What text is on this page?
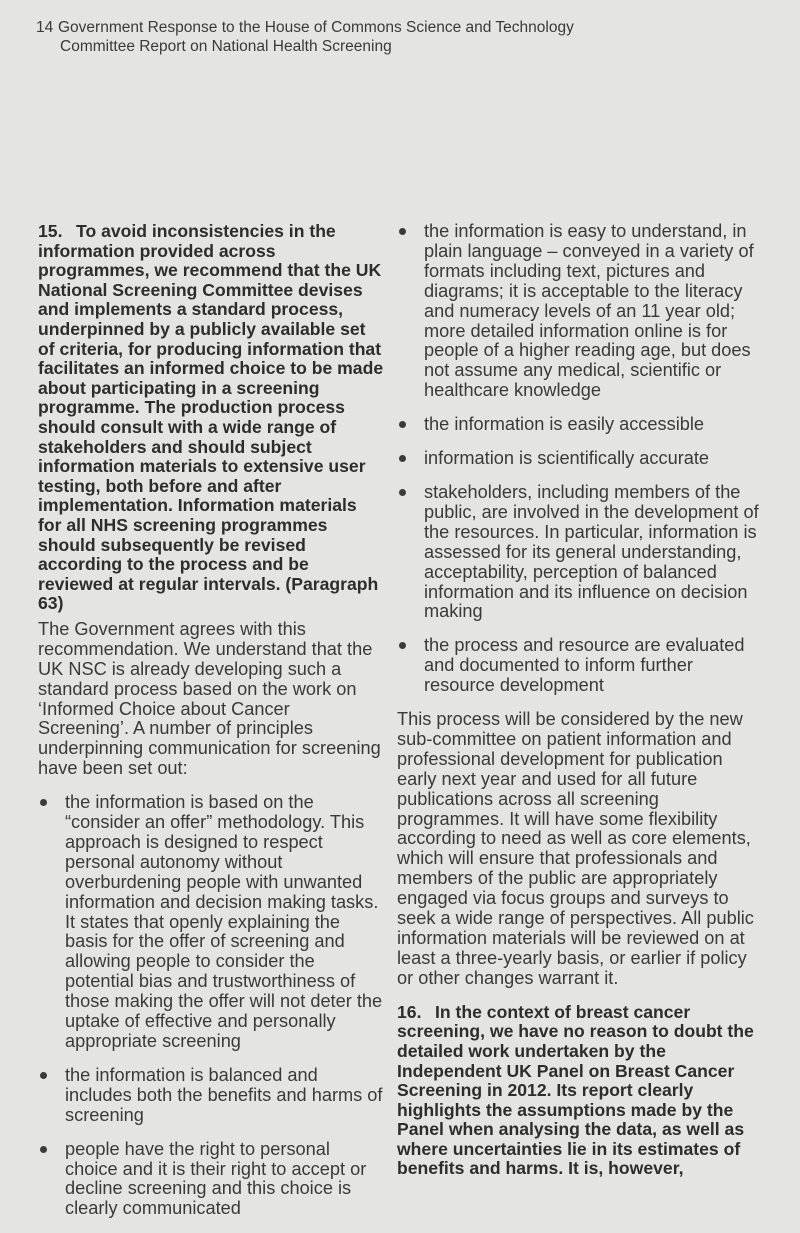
14 Government Response to the House of Commons Science and Technology
Committee Report on National Health Screening
15. To avoid inconsistencies in the information provided across programmes, we recommend that the UK National Screening Committee devises and implements a standard process, underpinned by a publicly available set of criteria, for producing information that facilitates an informed choice to be made about participating in a screening programme. The production process should consult with a wide range of stakeholders and should subject information materials to extensive user testing, both before and after implementation. Information materials for all NHS screening programmes should subsequently be revised according to the process and be reviewed at regular intervals. (Paragraph 63)

The Government agrees with this recommendation. We understand that the UK NSC is already developing such a standard process based on the work on ‘Informed Choice about Cancer Screening’. A number of principles underpinning communication for screening have been set out:

the information is based on the “consider an offer” methodology. This approach is designed to respect personal autonomy without overburdening people with unwanted information and decision making tasks. It states that openly explaining the basis for the offer of screening and allowing people to consider the potential bias and trustworthiness of those making the offer will not deter the uptake of effective and personally appropriate screening
the information is balanced and includes both the benefits and harms of screening
people have the right to personal choice and it is their right to accept or decline screening and this choice is clearly communicated
the information is easy to understand, in plain language – conveyed in a variety of formats including text, pictures and diagrams; it is acceptable to the literacy and numeracy levels of an 11 year old; more detailed information online is for people of a higher reading age, but does not assume any medical, scientific or healthcare knowledge
the information is easily accessible
information is scientifically accurate
stakeholders, including members of the public, are involved in the development of the resources. In particular, information is assessed for its general understanding, acceptability, perception of balanced information and its influence on decision making
the process and resource are evaluated and documented to inform further resource development

This process will be considered by the new sub-committee on patient information and professional development for publication early next year and used for all future publications across all screening programmes. It will have some flexibility according to need as well as core elements, which will ensure that professionals and members of the public are appropriately engaged via focus groups and surveys to seek a wide range of perspectives. All public information materials will be reviewed on at least a three-yearly basis, or earlier if policy or other changes warrant it.

16. In the context of breast cancer screening, we have no reason to doubt the detailed work undertaken by the Independent UK Panel on Breast Cancer Screening in 2012. Its report clearly highlights the assumptions made by the Panel when analysing the data, as well as where uncertainties lie in its estimates of benefits and harms. It is, however,
